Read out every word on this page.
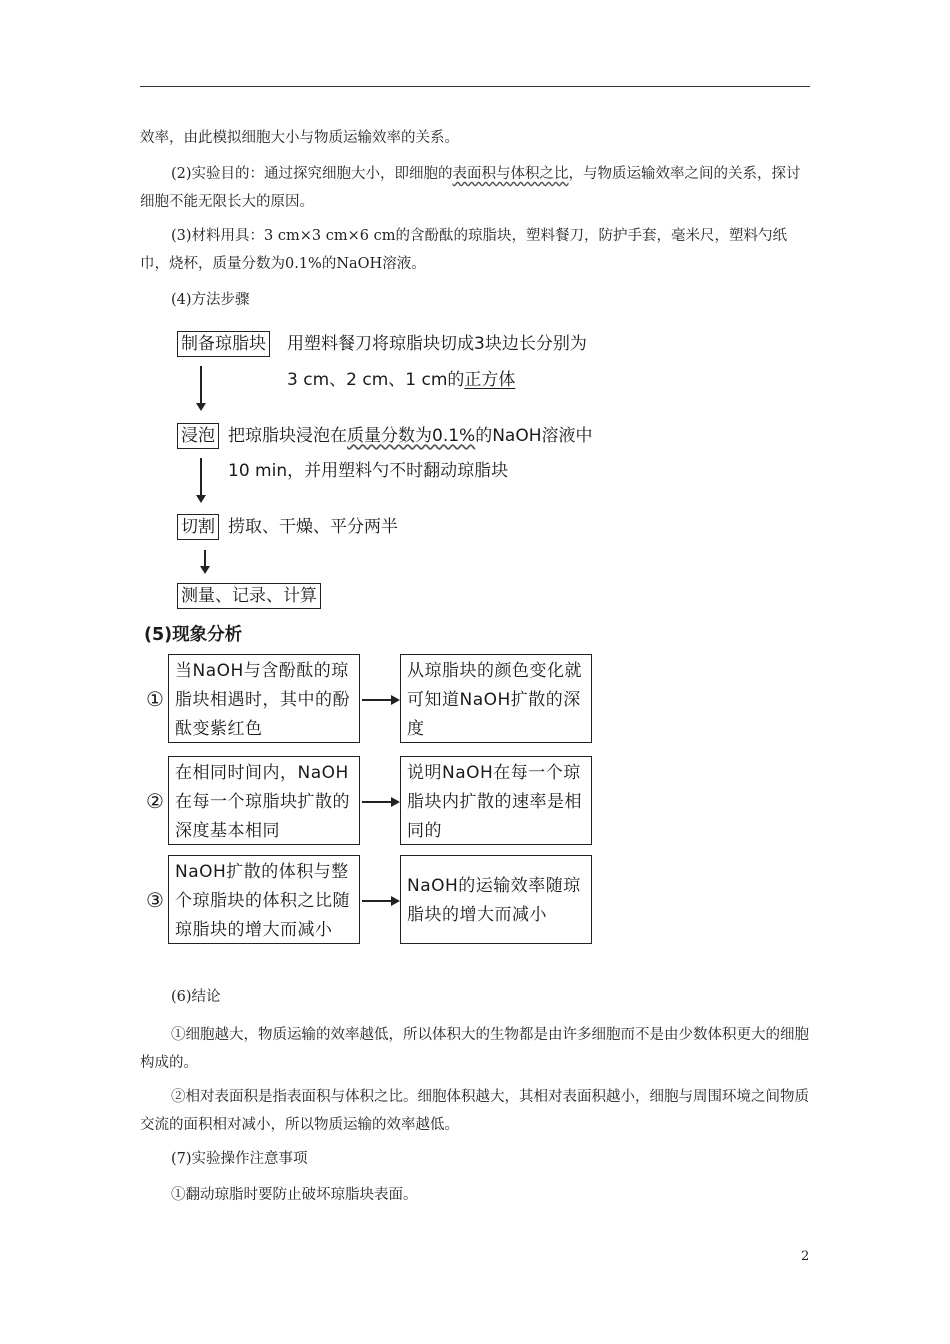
效率，由此模拟细胞大小与物质运输效率的关系。
(2)实验目的：通过探究细胞大小，即细胞的表面积与体积之比，与物质运输效率之间的关系，探讨细胞不能无限长大的原因。
(3)材料用具：3 cm×3 cm×6 cm的含酚酞的琼脂块，塑料餐刀，防护手套，毫米尺，塑料勺纸巾，烧杯，质量分数为0.1%的NaOH溶液。
(4)方法步骤
制备琼脂块 用塑料餐刀将琼脂块切成3块边长分别为
3 cm、2 cm、1 cm的正方体
浸泡 把琼脂块浸泡在质量分数为0.1%的NaOH溶液中
10 min，并用塑料勺不时翻动琼脂块
切割 捞取、干燥、平分两半
测量、记录、计算
(5)现象分析
①
当NaOH与含酚酞的琼脂块相遇时，其中的酚酞变紫红色
从琼脂块的颜色变化就可知道NaOH扩散的深度
②
在相同时间内，NaOH在每一个琼脂块扩散的深度基本相同
说明NaOH在每一个琼脂块内扩散的速率是相同的
③
NaOH扩散的体积与整个琼脂块的体积之比随琼脂块的增大而减小
NaOH的运输效率随琼脂块的增大而减小
(6)结论
①细胞越大，物质运输的效率越低，所以体积大的生物都是由许多细胞而不是由少数体积更大的细胞构成的。
②相对表面积是指表面积与体积之比。细胞体积越大，其相对表面积越小，细胞与周围环境之间物质交流的面积相对减小，所以物质运输的效率越低。
(7)实验操作注意事项
①翻动琼脂时要防止破坏琼脂块表面。
2
